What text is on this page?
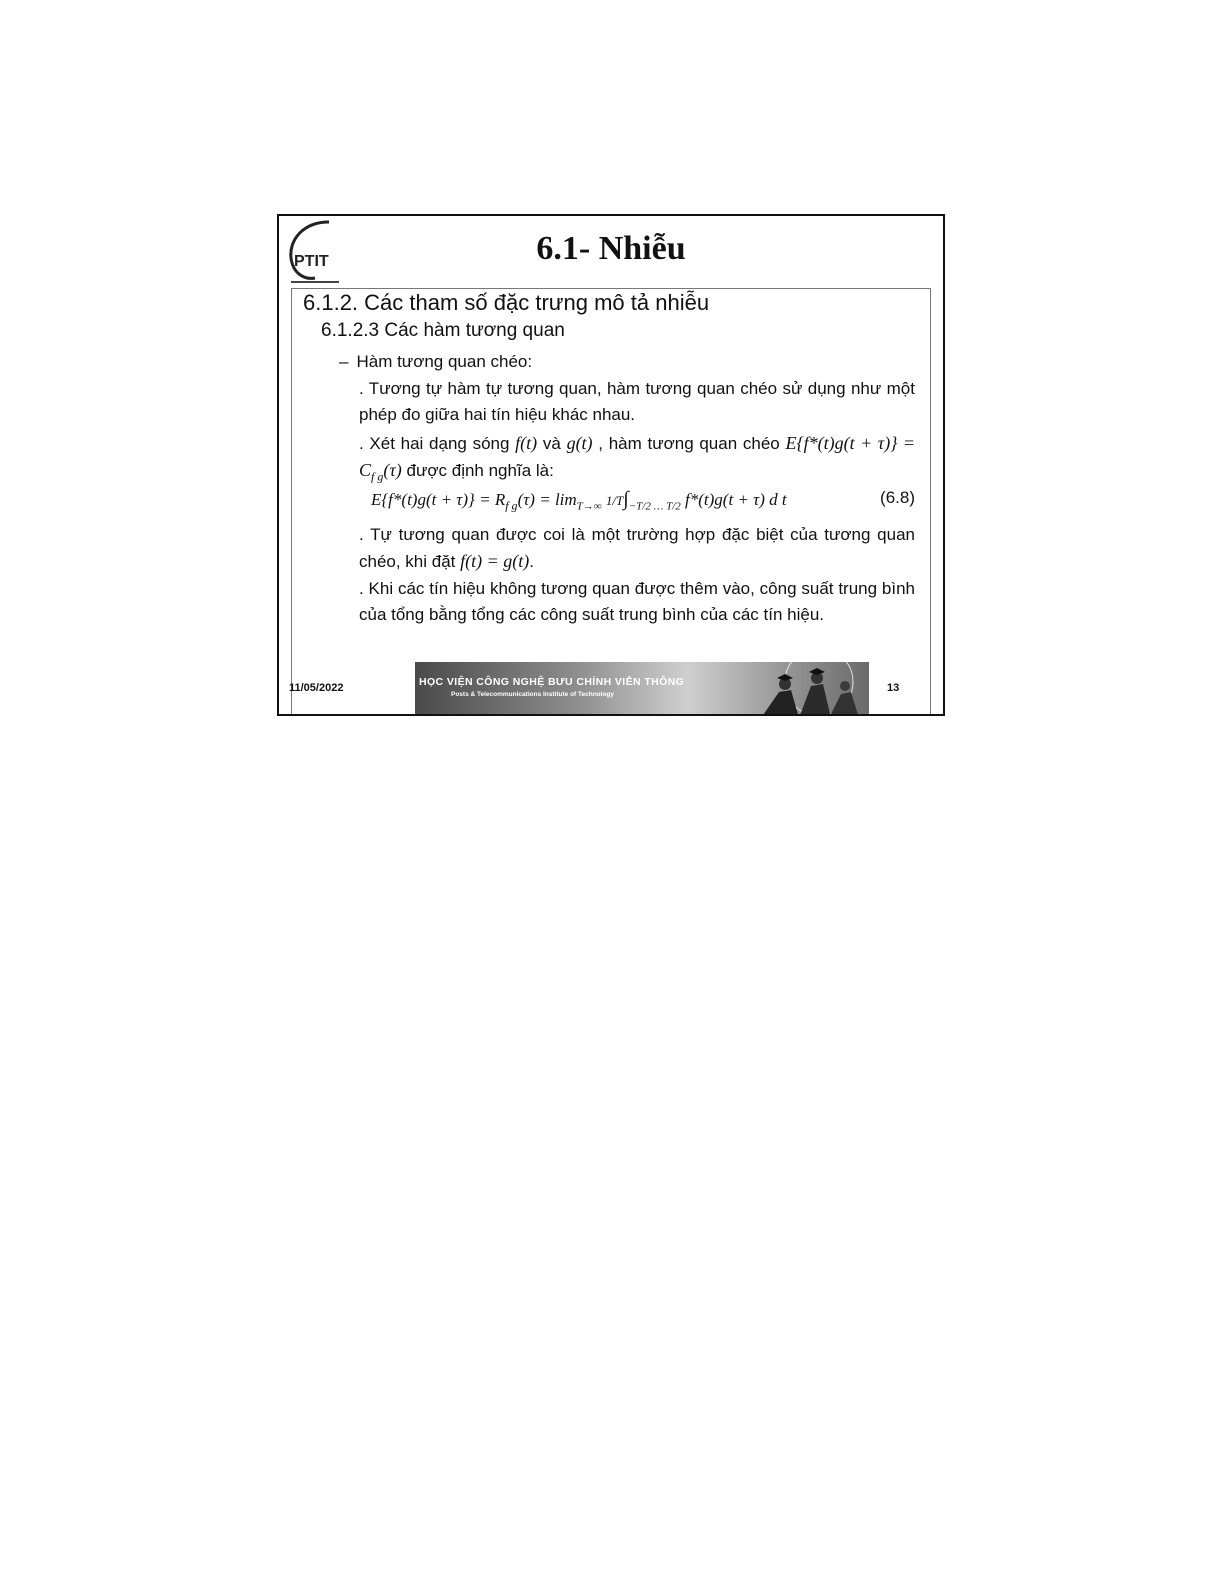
PTIT	6.1- Nhiễu
6.1.2. Các tham số đặc trưng mô tả nhiễu
6.1.2.3 Các hàm tương quan
– Hàm tương quan chéo:
. Tương tự hàm tự tương quan, hàm tương quan chéo sử dụng như một phép đo giữa hai tín hiệu khác nhau.
. Xét hai dạng sóng f(t) và g(t) , hàm tương quan chéo $E\{f*(t)g(t + \tau)\} = C_{f g}(\tau)$ được định nghĩa là:
$E\{f*(t)g(t + \tau)\} = R_{f g}(\tau) = \lim_{T\to\infty} 1/T\int_{-T/2 \dots T/2}$ f*(t)g(t + τ) d t	(6.8)
. Tự tương quan được coi là một trường hợp đặc biệt của tương quan chéo, khi đặt f(t) = g(t).
. Khi các tín hiệu không tương quan được thêm vào, công suất trung bình của tổng bằng tổng các công suất trung bình của các tín hiệu.
HỌC VIỆN CÔNG NGHỆ BƯU CHÍNH VIỄN THÔNG
Posts & Telecommunications Institute of Technology
11/05/2022	13
